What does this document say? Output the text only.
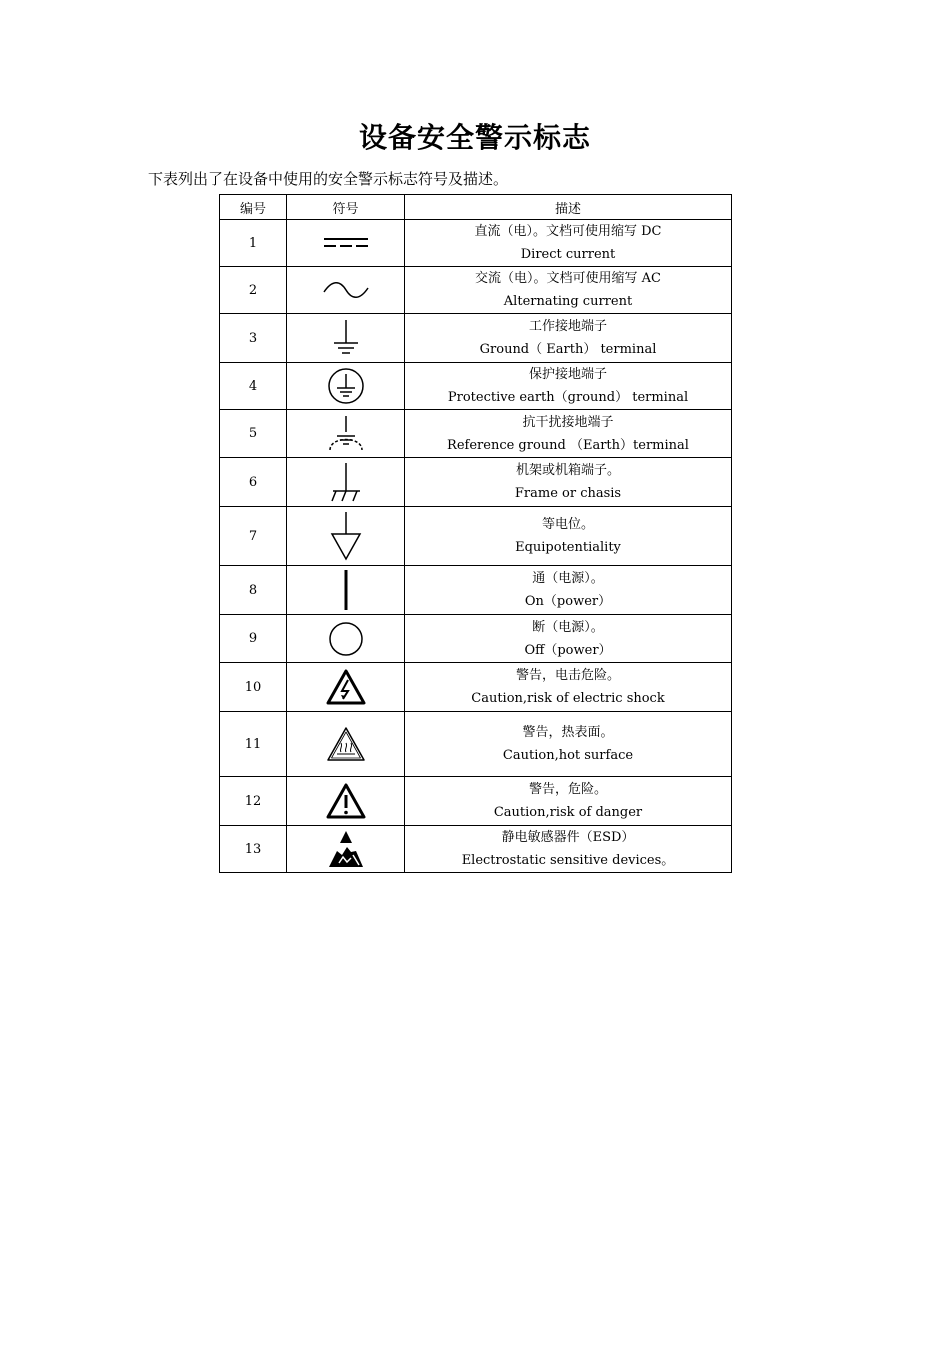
设备安全警示标志
下表列出了在设备中使用的安全警示标志符号及描述。
编号	符号	描述
1		直流（电）。文档可使用缩写 DC
Direct current

2		交流（电）。文档可使用缩写 AC
Alternating current

3		工作接地端子
Ground（ Earth） terminal

4		保护接地端子
Protective earth（ground） terminal

5		抗干扰接地端子
Reference ground （Earth）terminal

6		机架或机箱端子。
Frame or chasis

7		等电位。
Equipotentiality

8		通（电源）。
On（power）

9		断（电源）。
Off（power）

10		警告，电击危险。
Caution,risk of electric shock

11		警告，热表面。
Caution,hot surface

12		警告，危险。
Caution,risk of danger

13		静电敏感器件（ESD）
Electrostatic sensitive devices。
